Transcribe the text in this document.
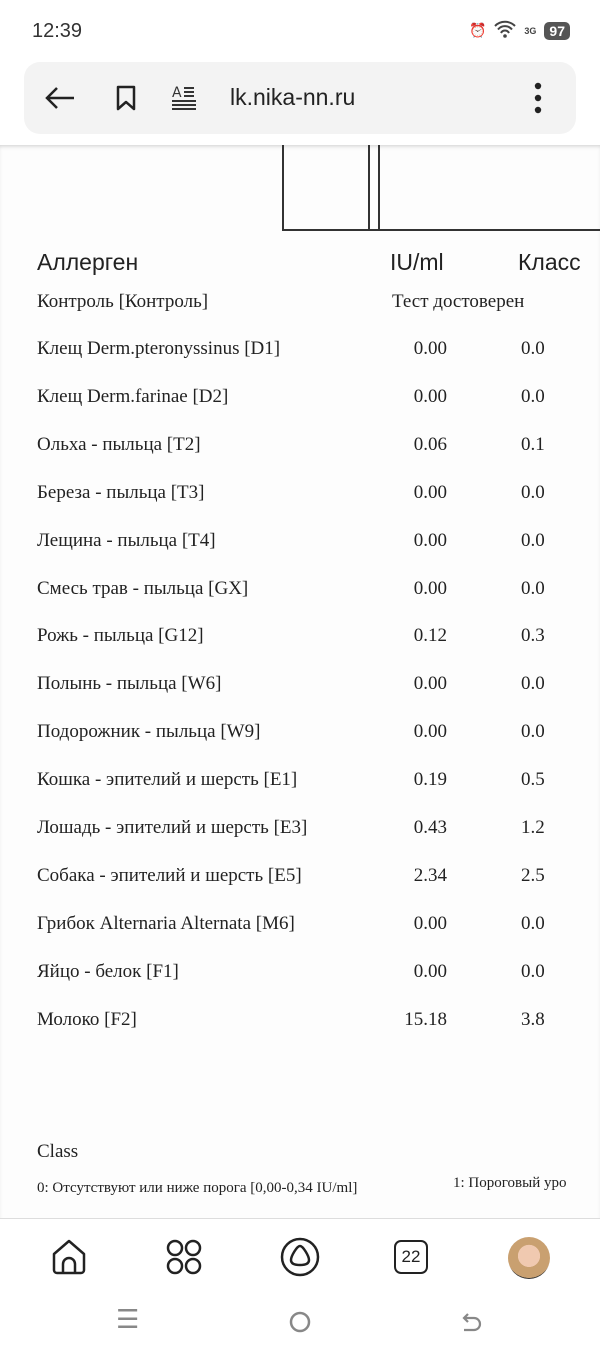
12:39	⏰	3G 97
A lk.nika-nn.ru
Аллерген	IU/ml	Класс
Контроль [Контроль]	Тест достоверен
Клещ Derm.pteronyssinus [D1]	0.00	0.0
Клещ Derm.farinae [D2]	0.00	0.0
Ольха - пыльца [T2]	0.06	0.1
Береза - пыльца [T3]	0.00	0.0
Лещина - пыльца [T4]	0.00	0.0
Смесь трав - пыльца [GX]	0.00	0.0
Рожь - пыльца [G12]	0.12	0.3
Полынь - пыльца [W6]	0.00	0.0
Подорожник - пыльца [W9]	0.00	0.0
Кошка - эпителий и шерсть [E1]	0.19	0.5
Лошадь - эпителий и шерсть [E3]	0.43	1.2
Собака - эпителий и шерсть [E5]	2.34	2.5
Грибок Alternaria Alternata [M6]	0.00	0.0
Яйцо - белок [F1]	0.00	0.0
Молоко [F2]	15.18	3.8
Class
0: Отсутствуют или ниже порога [0,00-0,34 IU/ml]	1: Пороговый уро
22
☰
